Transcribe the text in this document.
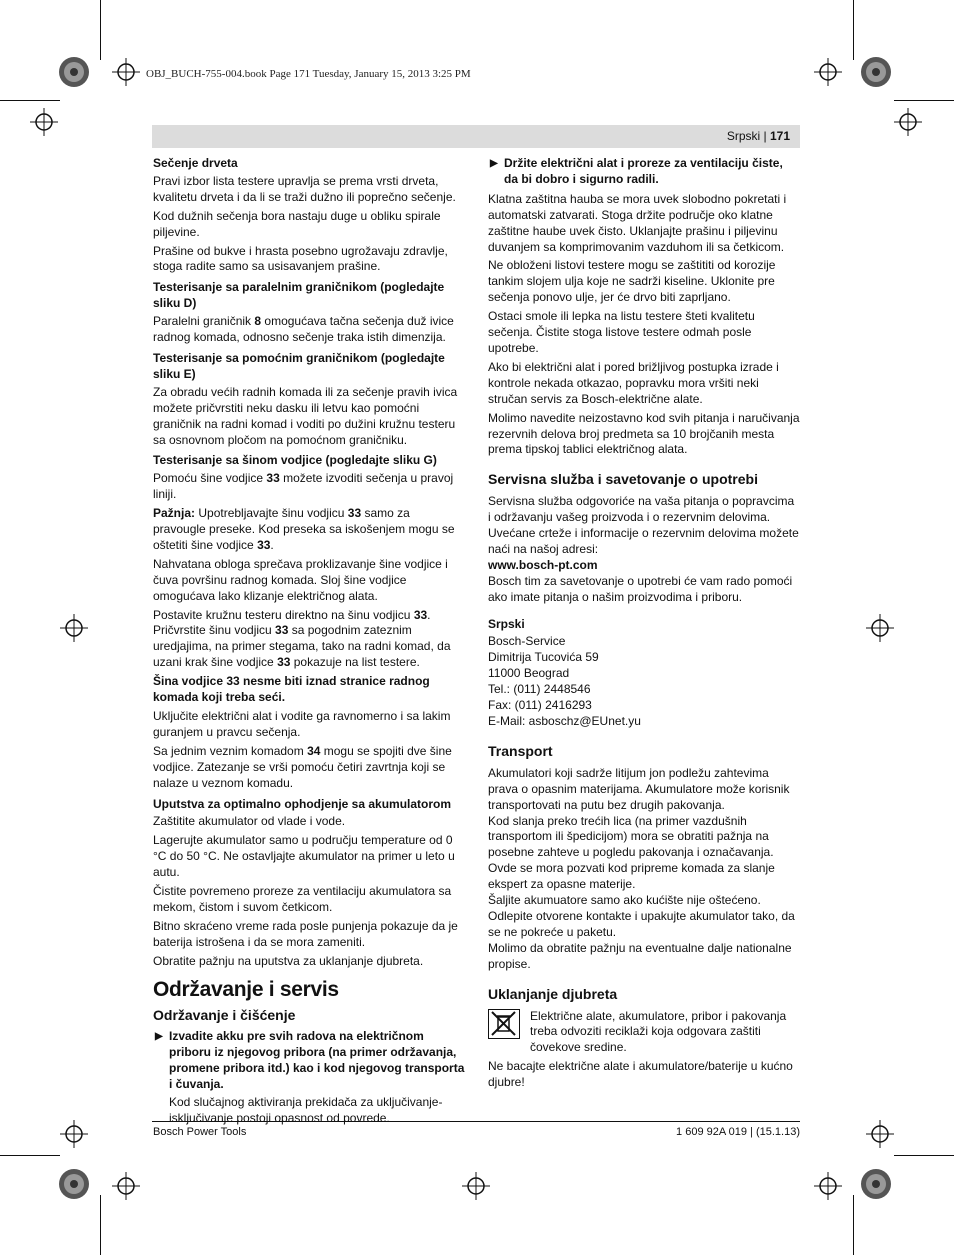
OBJ_BUCH-755-004.book Page 171 Tuesday, January 15, 2013 3:25 PM
Srpski | 171
Sečenje drveta

Pravi izbor lista testere upravlja se prema vrsti drveta, kvalitetu drveta i da li se traži dužno ili poprečno sečenje.

Kod dužnih sečenja bora nastaju duge u obliku spirale piljevine.

Prašine od bukve i hrasta posebno ugrožavaju zdravlje, stoga radite samo sa usisavanjem prašine.

Testerisanje sa paralelnim graničnikom (pogledajte sliku D)

Paralelni graničnik 8 omogućava tačna sečenja duž ivice radnog komada, odnosno sečenje traka istih dimenzija.

Testerisanje sa pomoćnim graničnikom (pogledajte sliku E)

Za obradu većih radnih komada ili za sečenje pravih ivica možete pričvrstiti neku dasku ili letvu kao pomoćni graničnik na radni komad i voditi po dužini kružnu testeru sa osnovnom pločom na pomoćnom graničniku.

Testerisanje sa šinom vodjice (pogledajte sliku G)

Pomoću šine vodjice 33 možete izvoditi sečenja u pravoj liniji.

Pažnja: Upotrebljavajte šinu vodjicu 33 samo za pravougle preseke. Kod preseka sa iskošenjem mogu se oštetiti šine vodjice 33.

Nahvatana obloga sprečava proklizavanje šine vodjice i čuva površinu radnog komada. Sloj šine vodjice omogućava lako klizanje električnog alata.

Postavite kružnu testeru direktno na šinu vodjicu 33. Pričvrstite šinu vodjicu 33 sa pogodnim zateznim uredjajima, na primer stegama, tako na radni komad, da uzani krak šine vodjice 33 pokazuje na list testere.

Šina vodjice 33 nesme biti iznad stranice radnog komada koji treba seći.

Uključite električni alat i vodite ga ravnomerno i sa lakim guranjem u pravcu sečenja.

Sa jednim veznim komadom 34 mogu se spojiti dve šine vodjice. Zatezanje se vrši pomoću četiri zavrtnja koji se nalaze u veznom komadu.

Uputstva za optimalno ophodjenje sa akumulatorom

Zaštitite akumulator od vlade i vode.

Lagerujte akumulator samo u području temperature od 0 °C do 50 °C. Ne ostavljajte akumulator na primer u leto u autu.

Čistite povremeno proreze za ventilaciju akumulatora sa mekom, čistom i suvom četkicom.

Bitno skraćeno vreme rada posle punjenja pokazuje da je baterija istrošena i da se mora zameniti.

Obratite pažnju na uputstva za uklanjanje djubreta.

Održavanje i servis
Održavanje i čišćenje
▶ Izvadite akku pre svih radova na električnom priboru iz njegovog pribora (na primer održavanja, promene pribora itd.) kao i kod njegovog transporta i čuvanja.

Kod slučajnog aktiviranja prekidača za uključivanje-isključivanje postoji opasnost od povrede.

▶ Držite električni alat i proreze za ventilaciju čiste, da bi dobro i sigurno radili.

Klatna zaštitna hauba se mora uvek slobodno pokretati i automatski zatvarati. Stoga držite područje oko klatne zaštitne haube uvek čisto. Uklanjajte prašinu i piljevinu duvanjem sa komprimovanim vazduhom ili sa četkicom.

Ne obloženi listovi testere mogu se zaštititi od korozije tankim slojem ulja koje ne sadrži kiseline. Uklonite pre sečenja ponovo ulje, jer će drvo biti zaprljano.

Ostaci smole ili lepka na listu testere šteti kvalitetu sečenja. Čistite stoga listove testere odmah posle upotrebe.

Ako bi električni alat i pored brižljivog postupka izrade i kontrole nekada otkazao, popravku mora vršiti neki stručan servis za Bosch-električne alate.

Molimo navedite neizostavno kod svih pitanja i naručivanja rezervnih delova broj predmeta sa 10 brojčanih mesta prema tipskoj tablici električnog alata.

Servisna služba i savetovanje o upotrebi

Servisna služba odgovoriće na vaša pitanja o popravcima i održavanju vašeg proizvoda i o rezervnim delovima. Uvećane crteže i informacije o rezervnim delovima možete naći na našoj adresi:

www.bosch-pt.com

Bosch tim za savetovanje o upotrebi će vam rado pomoći ako imate pitanja o našim proizvodima i priboru.

Srpski
Bosch-Service
Dimitrija Tucovića 59
11000 Beograd
Tel.: (011) 2448546
Fax: (011) 2416293
E-Mail: asboschz@EUnet.yu
Transport

Akumulatori koji sadrže litijum jon podležu zahtevima prava o opasnim materijama. Akumulatore može korisnik transportovati na putu bez drugih pakovanja.

Kod slanja preko trećih lica (na primer vazdušnih transportom ili špedicijom) mora se obratiti pažnja na posebne zahteve u pogledu pakovanja i označavanja. Ovde se mora pozvati kod pripreme komada za slanje ekspert za opasne materije.

Šaljite akumuatore samo ako kućište nije oštećeno. Odlepite otvorene kontakte i upakujte akumulator tako, da se ne pokreće u paketu.

Molimo da obratite pažnju na eventualne dalje nationalne propise.

Uklanjanje djubreta

Električne alate, akumulatore, pribor i pakovanja treba odvoziti reciklaži koja odgovara zaštiti čovekove sredine.

Ne bacajte električne alate i akumulatore/baterije u kućno djubre!

Bosch Power Tools	1 609 92A 019 | (15.1.13)
